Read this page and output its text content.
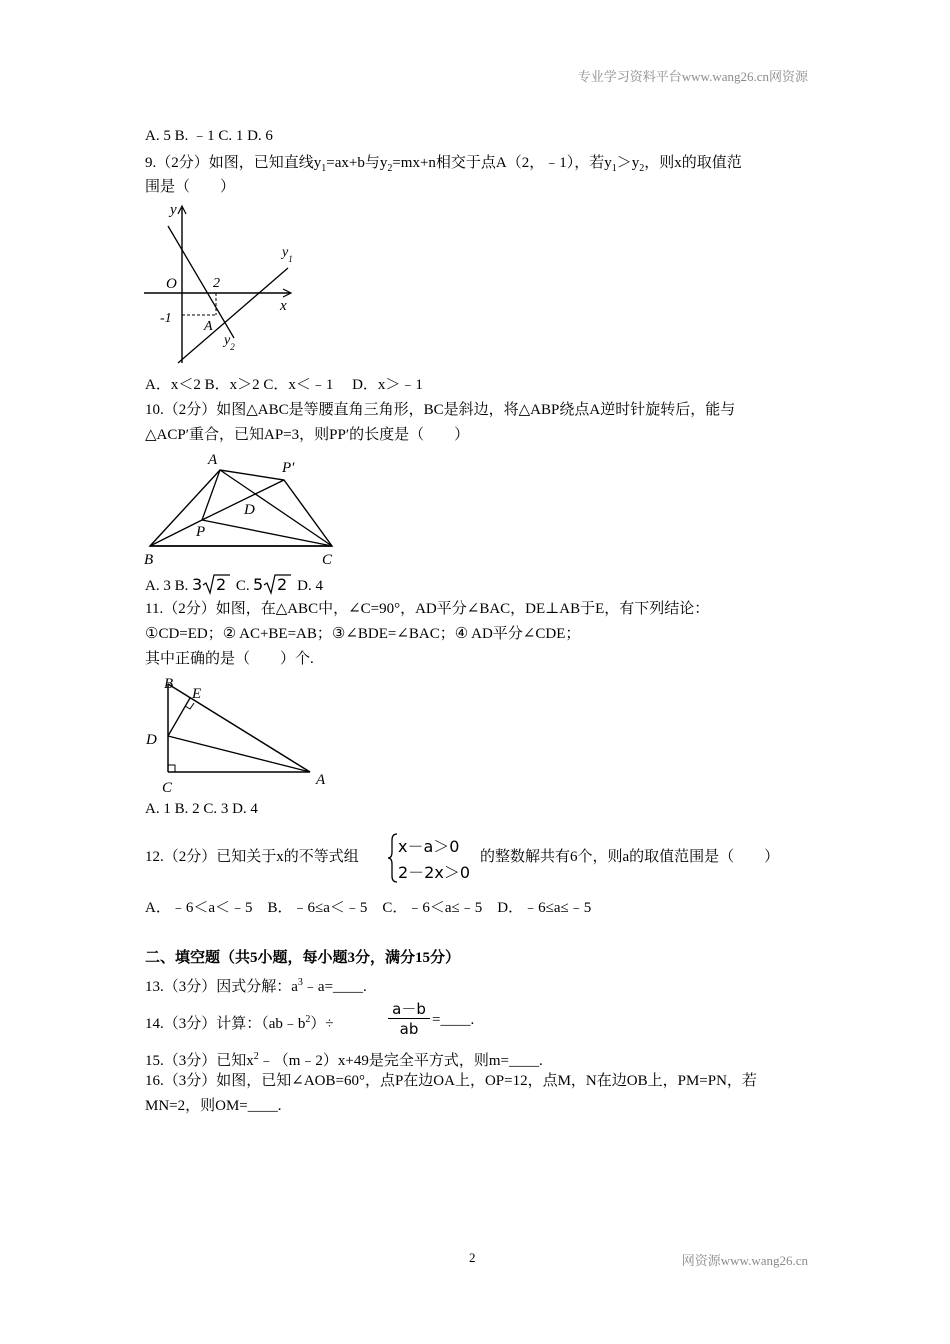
专业学习资料平台www.wang26.cn网资源
A. 5 B. ﹣1 C. 1 D. 6
9.（2分）如图，已知直线$y_1=ax+b$与$y_2=mx+n$相交于点A（2，﹣1），若$y_1>y_2$，则x的取值范
围是（　　）
y
x
O	2
-1
A
$y_1$
$y_2$
A．x＜2 B．x＞2 C．x＜﹣1　 D．x＞﹣1
10.（2分）如图△ABC是等腰直角三角形，BC是斜边，将△ABP绕点A逆时针旋转后，能与
△ACP′重合，已知AP=3，则PP′的长度是（　　）
A	P′
D
P
B	C
A. 3 B. 3 2 C. 5 2 D. 4
11.（2分）如图，在△ABC中，∠C=90°，AD平分∠BAC，DE⊥AB于E，有下列结论：
①CD=ED；② AC+BE=AB；③∠BDE=∠BAC；④ AD平分∠CDE；
其中正确的是（　　）个.
B
E
D
C	A
A. 1 B. 2 C. 3 D. 4
12.（2分）已知关于x的不等式组
x－a＞0
2－2x＞0
的整数解共有6个，则a的取值范围是（　　）
A．﹣6＜a＜﹣5　B．﹣6≤a＜﹣5　C．﹣6＜a≤﹣5　D．﹣6≤a≤﹣5
二、填空题（共5小题，每小题3分，满分15分）
13.（3分）因式分解：$a^3﹣a=\_\_\_\_$.
14.（3分）计算：$(ab﹣b^2)\div$
a－b
ab =____.
15.（3分）已知$x^2﹣(m﹣2)x+49$是完全平方式，则m=____.
16.（3分）如图，已知∠AOB=60°，点P在边OA上，OP=12，点M，N在边OB上，PM=PN，若
MN=2，则OM=____.
2	网资源www.wang26.cn
